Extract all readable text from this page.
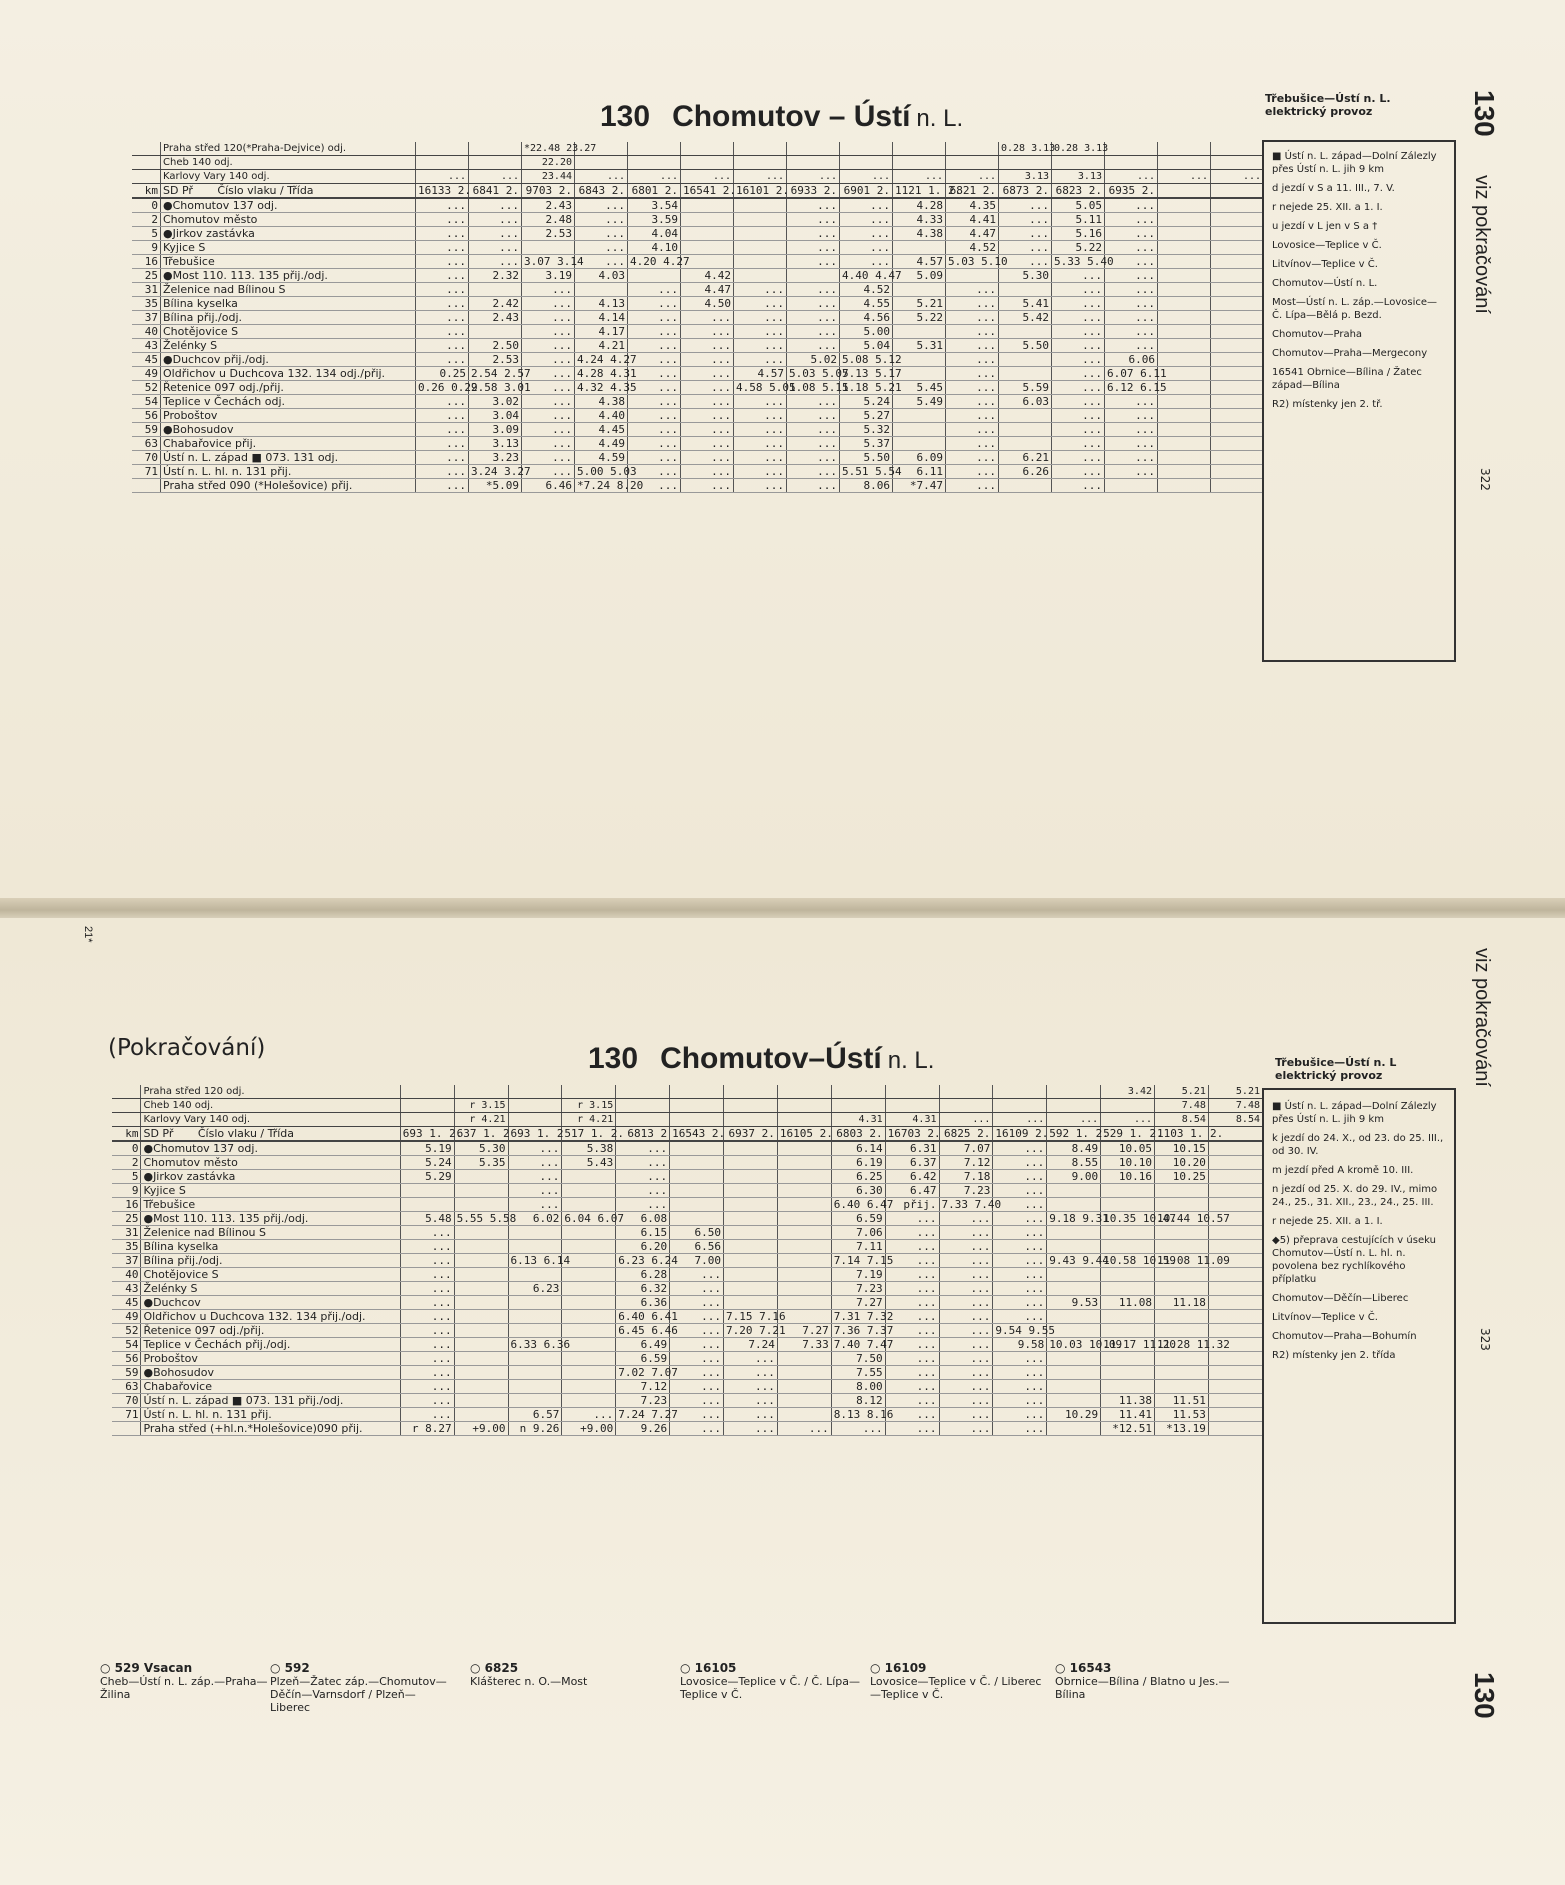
130 Chomutov – Ústí n. L.
Třebušice—Ústí n. L.
elektrický provoz	130
viz pokračování
322
	Praha střed 120(*Praha-Dejvice) odj.			*22.48 23.27									0.28 3.13	0.28 3.13			
	Cheb 140 odj.			22.20													
	Karlovy Vary 140 odj.	...	...	23.44	...	...	...	...	...	...	...	...	3.13	3.13	...	...	...
km	SD Př       Číslo vlaku / Třída	16133 2.	6841 2.	9703 2.	6843 2.	6801 2.	16541 2.	16101 2.	6933 2.	6901 2.	1121 1. 2.	6821 2.	6873 2.	6823 2.	6935 2.		
0	●Chomutov 137 odj.	...	...	2.43	...	3.54			...	...	4.28	4.35	...	5.05	...		
2	Chomutov město	...	...	2.48	...	3.59			...	...	4.33	4.41	...	5.11	...		
5	●Jirkov zastávka	...	...	2.53	...	4.04			...	...	4.38	4.47	...	5.16	...		
9	Kyjice S	...	...		...	4.10			...	...		4.52	...	5.22	...		
16	Třebušice	...	...	3.07 3.14	...	4.20 4.27			...	...	4.57	5.03 5.10	...	5.33 5.40	...		
25	●Most 110. 113. 135 přij./odj.	...	2.32	3.19	4.03		4.42			4.40 4.47	5.09		5.30	...	...		
31	Želenice nad Bílinou S	...		...		...	4.47	...	...	4.52		...		...	...		
35	Bílina kyselka	...	2.42	...	4.13	...	4.50	...	...	4.55	5.21	...	5.41	...	...		
37	Bílina přij./odj.	...	2.43	...	4.14	...	...	...	...	4.56	5.22	...	5.42	...	...		
40	Chotějovice S	...		...	4.17	...	...	...	...	5.00		...		...	...		
43	Želénky S	...	2.50	...	4.21	...	...	...	...	5.04	5.31	...	5.50	...	...		
45	●Duchcov přij./odj.	...	2.53	...	4.24 4.27	...	...	...	5.02	5.08 5.12		...		...	6.06		
49	Oldřichov u Duchcova 132. 134 odj./přij.	0.25	2.54 2.57	...	4.28 4.31	...	...	4.57	5.03 5.07	5.13 5.17		...		...	6.07 6.11		
52	Řetenice 097 odj./přij.	0.26 0.29	2.58 3.01	...	4.32 4.35	...	...	4.58 5.01	5.08 5.11	5.18 5.21	5.45	...	5.59	...	6.12 6.15		
54	Teplice v Čechách odj.	...	3.02	...	4.38	...	...	...	...	5.24	5.49	...	6.03	...	...		
56	Proboštov	...	3.04	...	4.40	...	...	...	...	5.27		...		...	...		
59	●Bohosudov	...	3.09	...	4.45	...	...	...	...	5.32		...		...	...		
63	Chabařovice přij.	...	3.13	...	4.49	...	...	...	...	5.37		...		...	...		
70	Ústí n. L. západ ■ 073. 131 odj.	...	3.23	...	4.59	...	...	...	...	5.50	6.09	...	6.21	...	...		
71	Ústí n. L. hl. n. 131 přij.	...	3.24 3.27	...	5.00 5.03	...	...	...	...	5.51 5.54	6.11	...	6.26	...	...		
	Praha střed 090 (*Holešovice) přij.	...	*5.09	6.46	*7.24 8.20	...	...	...	...	8.06	*7.47	...		...			
■ Ústí n. L. západ—Dolní Zálezly přes Ústí n. L. jih 9 km
d jezdí v S a 11. III., 7. V.
r nejede 25. XII. a 1. I.
u jezdí v L jen v S a †
Lovosice—Teplice v Č.
Litvínov—Teplice v Č.
Chomutov—Ústí n. L.
Most—Ústí n. L. záp.—Lovosice—Č. Lípa—Bělá p. Bezd.
Chomutov—Praha
Chomutov—Praha—Mergecony
16541 Obrnice—Bílina / Žatec západ—Bílina
R2) místenky jen 2. tř.
(Pokračování)	130 Chomutov–Ústí n. L.	Třebušice—Ústí n. L
elektrický provoz	viz pokračování
130
323
21*
	Praha střed 120 odj.														3.42	5.21	5.21
	Cheb 140 odj.		r 3.15		r 3.15											7.48	7.48
	Karlovy Vary 140 odj.		r 4.21		r 4.21					4.31	4.31	...	...	...	...	8.54	8.54
km	SD Př       Číslo vlaku / Třída	693 1. 2.	637 1. 2	693 1. 2	517 1. 2.	6813 2	16543 2.	6937 2.	16105 2.	6803 2.	16703 2.	6825 2.	16109 2.	592 1. 2.	529 1. 2.	1103 1. 2.	
0	●Chomutov 137 odj.	5.19	5.30	...	5.38	...				6.14	6.31	7.07	...	8.49	10.05	10.15	
2	Chomutov město	5.24	5.35	...	5.43	...				6.19	6.37	7.12	...	8.55	10.10	10.20	
5	●Jirkov zastávka	5.29		...		...				6.25	6.42	7.18	...	9.00	10.16	10.25	
9	Kyjice S			...		...				6.30	6.47	7.23	...				
16	Třebušice			...		...				6.40 6.47	přij.	7.33 7.40	...				
25	●Most 110. 113. 135 přij./odj.	5.48	5.55 5.58	6.02	6.04 6.07	6.08				6.59	...	...	...	9.18 9.31	10.35 10.47	10.44 10.57	
31	Želenice nad Bílinou S	...				6.15	6.50			7.06	...	...	...				
35	Bílina kyselka	...				6.20	6.56			7.11	...	...	...				
37	Bílina přij./odj.	...		6.13 6.14		6.23 6.24	7.00			7.14 7.15	...	...	...	9.43 9.44	10.58 10.59	11.08 11.09	
40	Chotějovice S	...				6.28	...			7.19	...	...	...				
43	Želénky S	...		6.23		6.32	...			7.23	...	...	...				
45	●Duchcov	...				6.36	...			7.27	...	...	...	9.53	11.08	11.18	
49	Oldřichov u Duchcova 132. 134 přij./odj.	...				6.40 6.41	...	7.15 7.16		7.31 7.32	...	...	...				
52	Řetenice 097 odj./přij.	...				6.45 6.46	...	7.20 7.21	7.27	7.36 7.37	...	...	9.54 9.55				
54	Teplice v Čechách přij./odj.	...		6.33 6.36		6.49	...	7.24	7.33	7.40 7.47	...	...	9.58	10.03 10.09	11.17 11.20	11.28 11.32	
56	Proboštov	...				6.59	...	...		7.50	...	...	...				
59	●Bohosudov	...				7.02 7.07	...	...		7.55	...	...	...				
63	Chabařovice	...				7.12	...	...		8.00	...	...	...				
70	Ústí n. L. západ ■ 073. 131 přij./odj.	...				7.23	...	...		8.12	...	...	...		11.38	11.51	
71	Ústí n. L. hl. n. 131 přij.	...		6.57	...	7.24 7.27	...	...		8.13 8.16	...	...	...	10.29	11.41	11.53	
	Praha střed (+hl.n.*Holešovice)090 přij.	r 8.27	+9.00	n 9.26	+9.00	9.26	...	...	...	...	...	...	...		*12.51	*13.19	
■ Ústí n. L. západ—Dolní Zálezly přes Ústí n. L. jih 9 km
k jezdí do 24. X., od 23. do 25. III., od 30. IV.
m jezdí před A kromě 10. III.
n jezdí od 25. X. do 29. IV., mimo 24., 25., 31. XII., 23., 24., 25. III.
r nejede 25. XII. a 1. I.
◆5) přeprava cestujících v úseku Chomutov—Ústí n. L. hl. n. povolena bez rychlíkového příplatku
Chomutov—Děčín—Liberec
Litvínov—Teplice v Č.
Chomutov—Praha—Bohumín
R2) místenky jen 2. třída
○ 529 Vsacan
Cheb—Ústí n. L. záp.—Praha—Žilina
○ 592
Plzeň—Žatec záp.—Chomutov—Děčín—Varnsdorf / Plzeň—Liberec
○ 6825
Klášterec n. O.—Most
○ 16105
Lovosice—Teplice v Č. / Č. Lípa—Teplice v Č.
○ 16109
Lovosice—Teplice v Č. / Liberec—Teplice v Č.
○ 16543
Obrnice—Bílina / Blatno u Jes.—Bílina
